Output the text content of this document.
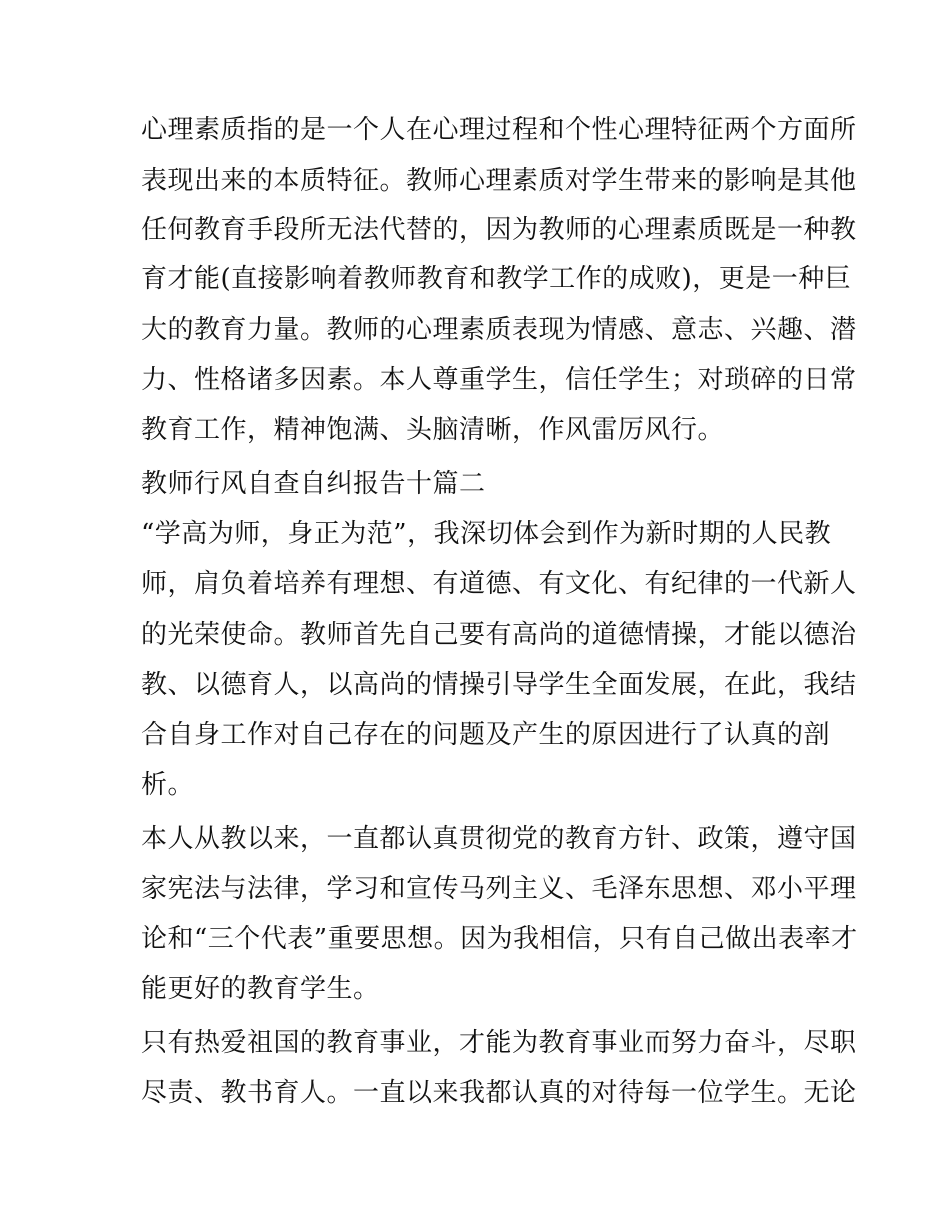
心理素质指的是一个人在心理过程和个性心理特征两个方面所
表现出来的本质特征。教师心理素质对学生带来的影响是其他
任何教育手段所无法代替的，因为教师的心理素质既是一种教
育才能(直接影响着教师教育和教学工作的成败)，更是一种巨
大的教育力量。教师的心理素质表现为情感、意志、兴趣、潜
力、性格诸多因素。本人尊重学生，信任学生；对琐碎的日常
教育工作，精神饱满、头脑清晰，作风雷厉风行。
教师行风自查自纠报告十篇二
“学高为师，身正为范”，我深切体会到作为新时期的人民教
师，肩负着培养有理想、有道德、有文化、有纪律的一代新人
的光荣使命。教师首先自己要有高尚的道德情操，才能以德治
教、以德育人，以高尚的情操引导学生全面发展，在此，我结
合自身工作对自己存在的问题及产生的原因进行了认真的剖
析。
本人从教以来，一直都认真贯彻党的教育方针、政策，遵守国
家宪法与法律，学习和宣传马列主义、毛泽东思想、邓小平理
论和“三个代表”重要思想。因为我相信，只有自己做出表率才
能更好的教育学生。
只有热爱祖国的教育事业，才能为教育事业而努力奋斗，尽职
尽责、教书育人。一直以来我都认真的对待每一位学生。无论
